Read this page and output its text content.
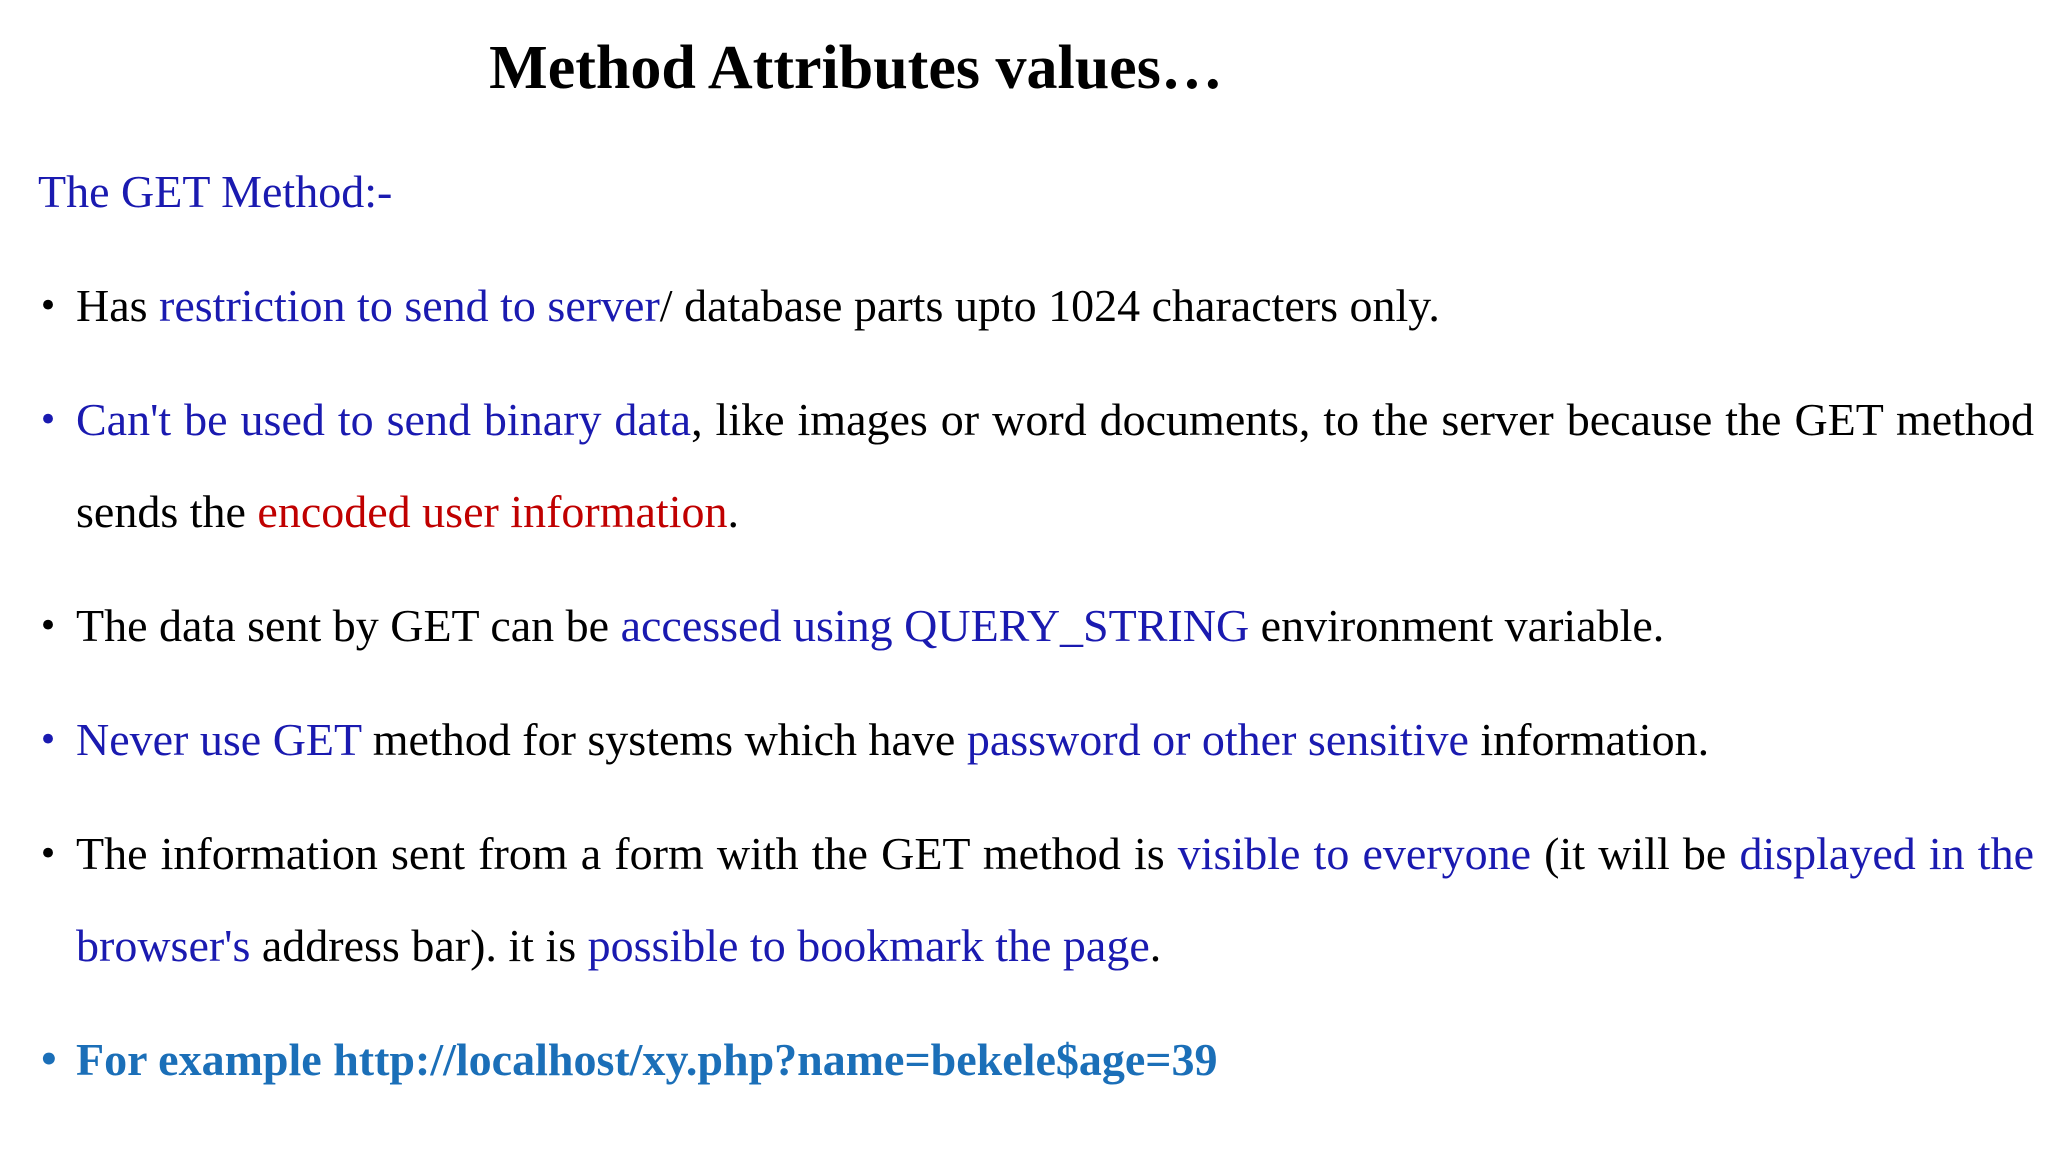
Method Attributes values…
The GET Method:-
• Has restriction to send to server/ database parts upto 1024 characters only.
• Can't be used to send binary data, like images or word documents, to the server because the GET method sends the encoded user information.
• The data sent by GET can be accessed using QUERY_STRING environment variable.
• Never use GET method for systems which have password or other sensitive information.
• The information sent from a form with the GET method is visible to everyone (it will be displayed in the browser's address bar). it is possible to bookmark the page.
• For example http://localhost/xy.php?name=bekele$age=39
